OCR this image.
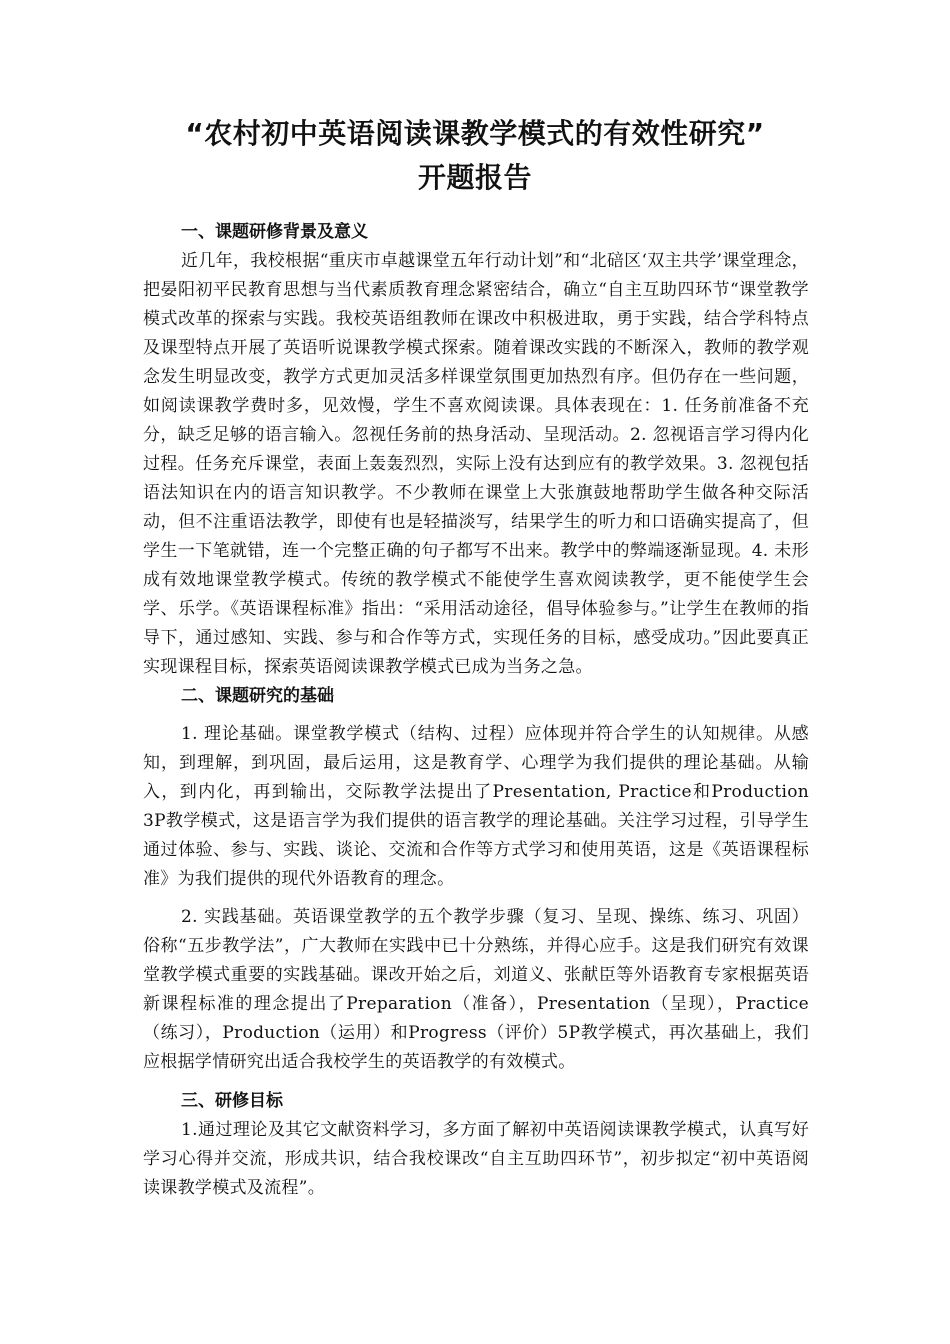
“农村初中英语阅读课教学模式的有效性研究”

开题报告

一、课题研修背景及意义

近几年，我校根据“重庆市卓越课堂五年行动计划”和“北碚区‘双主共学’课堂理念，把晏阳初平民教育思想与当代素质教育理念紧密结合，确立“自主互助四环节“课堂教学模式改革的探索与实践。我校英语组教师在课改中积极进取，勇于实践，结合学科特点及课型特点开展了英语听说课教学模式探索。随着课改实践的不断深入，教师的教学观念发生明显改变，教学方式更加灵活多样课堂氛围更加热烈有序。但仍存在一些问题，如阅读课教学费时多，见效慢，学生不喜欢阅读课。具体表现在：1. 任务前准备不充分，缺乏足够的语言输入。忽视任务前的热身活动、呈现活动。2. 忽视语言学习得内化过程。任务充斥课堂，表面上轰轰烈烈，实际上没有达到应有的教学效果。3. 忽视包括语法知识在内的语言知识教学。不少教师在课堂上大张旗鼓地帮助学生做各种交际活动，但不注重语法教学，即使有也是轻描淡写，结果学生的听力和口语确实提高了，但学生一下笔就错，连一个完整正确的句子都写不出来。教学中的弊端逐渐显现。4. 未形成有效地课堂教学模式。传统的教学模式不能使学生喜欢阅读教学，更不能使学生会学、乐学。《英语课程标准》指出：“采用活动途径，倡导体验参与。”让学生在教师的指导下，通过感知、实践、参与和合作等方式，实现任务的目标，感受成功。”因此要真正实现课程目标，探索英语阅读课教学模式已成为当务之急。

二、课题研究的基础

1. 理论基础。课堂教学模式（结构、过程）应体现并符合学生的认知规律。从感知，到理解，到巩固，最后运用，这是教育学、心理学为我们提供的理论基础。从输入，到内化，再到输出，交际教学法提出了Presentation, Practice和Production 3P教学模式，这是语言学为我们提供的语言教学的理论基础。关注学习过程，引导学生通过体验、参与、实践、谈论、交流和合作等方式学习和使用英语，这是《英语课程标准》为我们提供的现代外语教育的理念。

2. 实践基础。英语课堂教学的五个教学步骤（复习、呈现、操练、练习、巩固）俗称“五步教学法”，广大教师在实践中已十分熟练，并得心应手。这是我们研究有效课堂教学模式重要的实践基础。课改开始之后，刘道义、张献臣等外语教育专家根据英语新课程标准的理念提出了Preparation（准备），Presentation（呈现），Practice（练习），Production（运用）和Progress（评价）5P教学模式，再次基础上，我们应根据学情研究出适合我校学生的英语教学的有效模式。

三、研修目标

1.通过理论及其它文献资料学习，多方面了解初中英语阅读课教学模式，认真写好学习心得并交流，形成共识，结合我校课改“自主互助四环节”，初步拟定“初中英语阅读课教学模式及流程”。
